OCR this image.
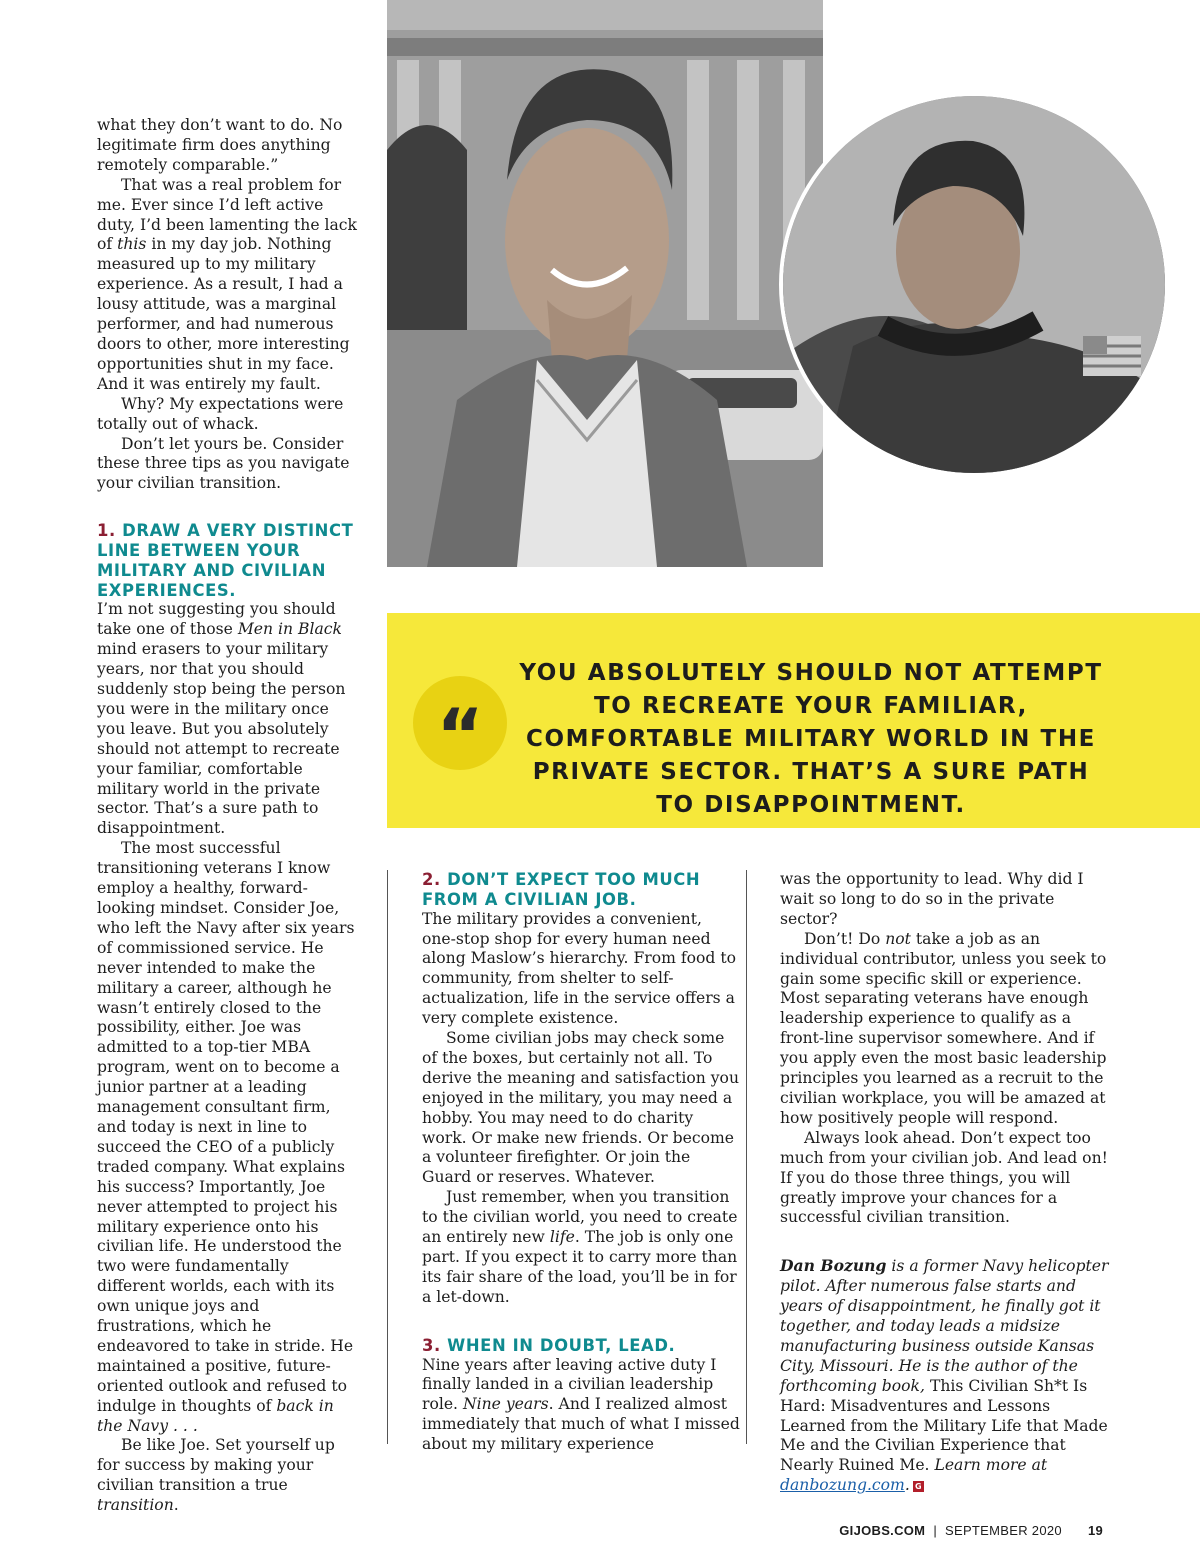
what they don’t want to do. No legitimate firm does anything remotely comparable.”

That was a real problem for me. Ever since I’d left active duty, I’d been lamenting the lack of this in my day job. Nothing measured up to my military experience. As a result, I had a lousy attitude, was a marginal performer, and had numerous doors to other, more interesting opportunities shut in my face. And it was entirely my fault.

Why? My expectations were totally out of whack.

Don’t let yours be. Consider these three tips as you navigate your civilian transition.

1. DRAW A VERY DISTINCT LINE BETWEEN YOUR MILITARY AND CIVILIAN EXPERIENCES.

I’m not suggesting you should take one of those Men in Black mind erasers to your military years, nor that you should suddenly stop being the person you were in the military once you leave. But you absolutely should not attempt to recreate your familiar, comfortable military world in the private sector. That’s a sure path to disappointment.

The most successful transitioning veterans I know employ a healthy, forward-looking mindset. Consider Joe, who left the Navy after six years of commissioned service. He never intended to make the military a career, although he wasn’t entirely closed to the possibility, either. Joe was admitted to a top-tier MBA program, went on to become a junior partner at a leading management consultant firm, and today is next in line to succeed the CEO of a publicly traded company. What explains his success? Importantly, Joe never attempted to project his military experience onto his civilian life. He understood the two were fundamentally different worlds, each with its own unique joys and frustrations, which he endeavored to take in stride. He maintained a positive, future-oriented outlook and refused to indulge in thoughts of back in the Navy . . .

Be like Joe. Set yourself up for success by making your civilian transition a true transition.

“
YOU ABSOLUTELY SHOULD NOT ATTEMPT TO RECREATE YOUR FAMILIAR, COMFORTABLE MILITARY WORLD IN THE PRIVATE SECTOR. THAT’S A SURE PATH TO DISAPPOINTMENT.
2. DON’T EXPECT TOO MUCH FROM A CIVILIAN JOB.

The military provides a convenient, one-stop shop for every human need along Maslow’s hierarchy. From food to community, from shelter to self-actualization, life in the service offers a very complete existence.

Some civilian jobs may check some of the boxes, but certainly not all. To derive the meaning and satisfaction you enjoyed in the military, you may need a hobby. You may need to do charity work. Or make new friends. Or become a volunteer firefighter. Or join the Guard or reserves. Whatever.

Just remember, when you transition to the civilian world, you need to create an entirely new life. The job is only one part. If you expect it to carry more than its fair share of the load, you’ll be in for a let-down.

3. WHEN IN DOUBT, LEAD.

Nine years after leaving active duty I finally landed in a civilian leadership role. Nine years. And I realized almost immediately that much of what I missed about my military experience

was the opportunity to lead. Why did I wait so long to do so in the private sector?

Don’t! Do not take a job as an individual contributor, unless you seek to gain some specific skill or experience. Most separating veterans have enough leadership experience to qualify as a front-line supervisor somewhere. And if you apply even the most basic leadership principles you learned as a recruit to the civilian workplace, you will be amazed at how positively people will respond.

Always look ahead. Don’t expect too much from your civilian job. And lead on! If you do those three things, you will greatly improve your chances for a successful civilian transition.

Dan Bozung is a former Navy helicopter pilot. After numerous false starts and years of disappointment, he finally got it together, and today leads a midsize manufacturing business outside Kansas City, Missouri. He is the author of the forthcoming book, This Civilian Sh*t Is Hard: Misadventures and Lessons Learned from the Military Life that Made Me and the Civilian Experience that Nearly Ruined Me. Learn more at danbozung.com. G

GIJOBS.COM | SEPTEMBER 2020 19
